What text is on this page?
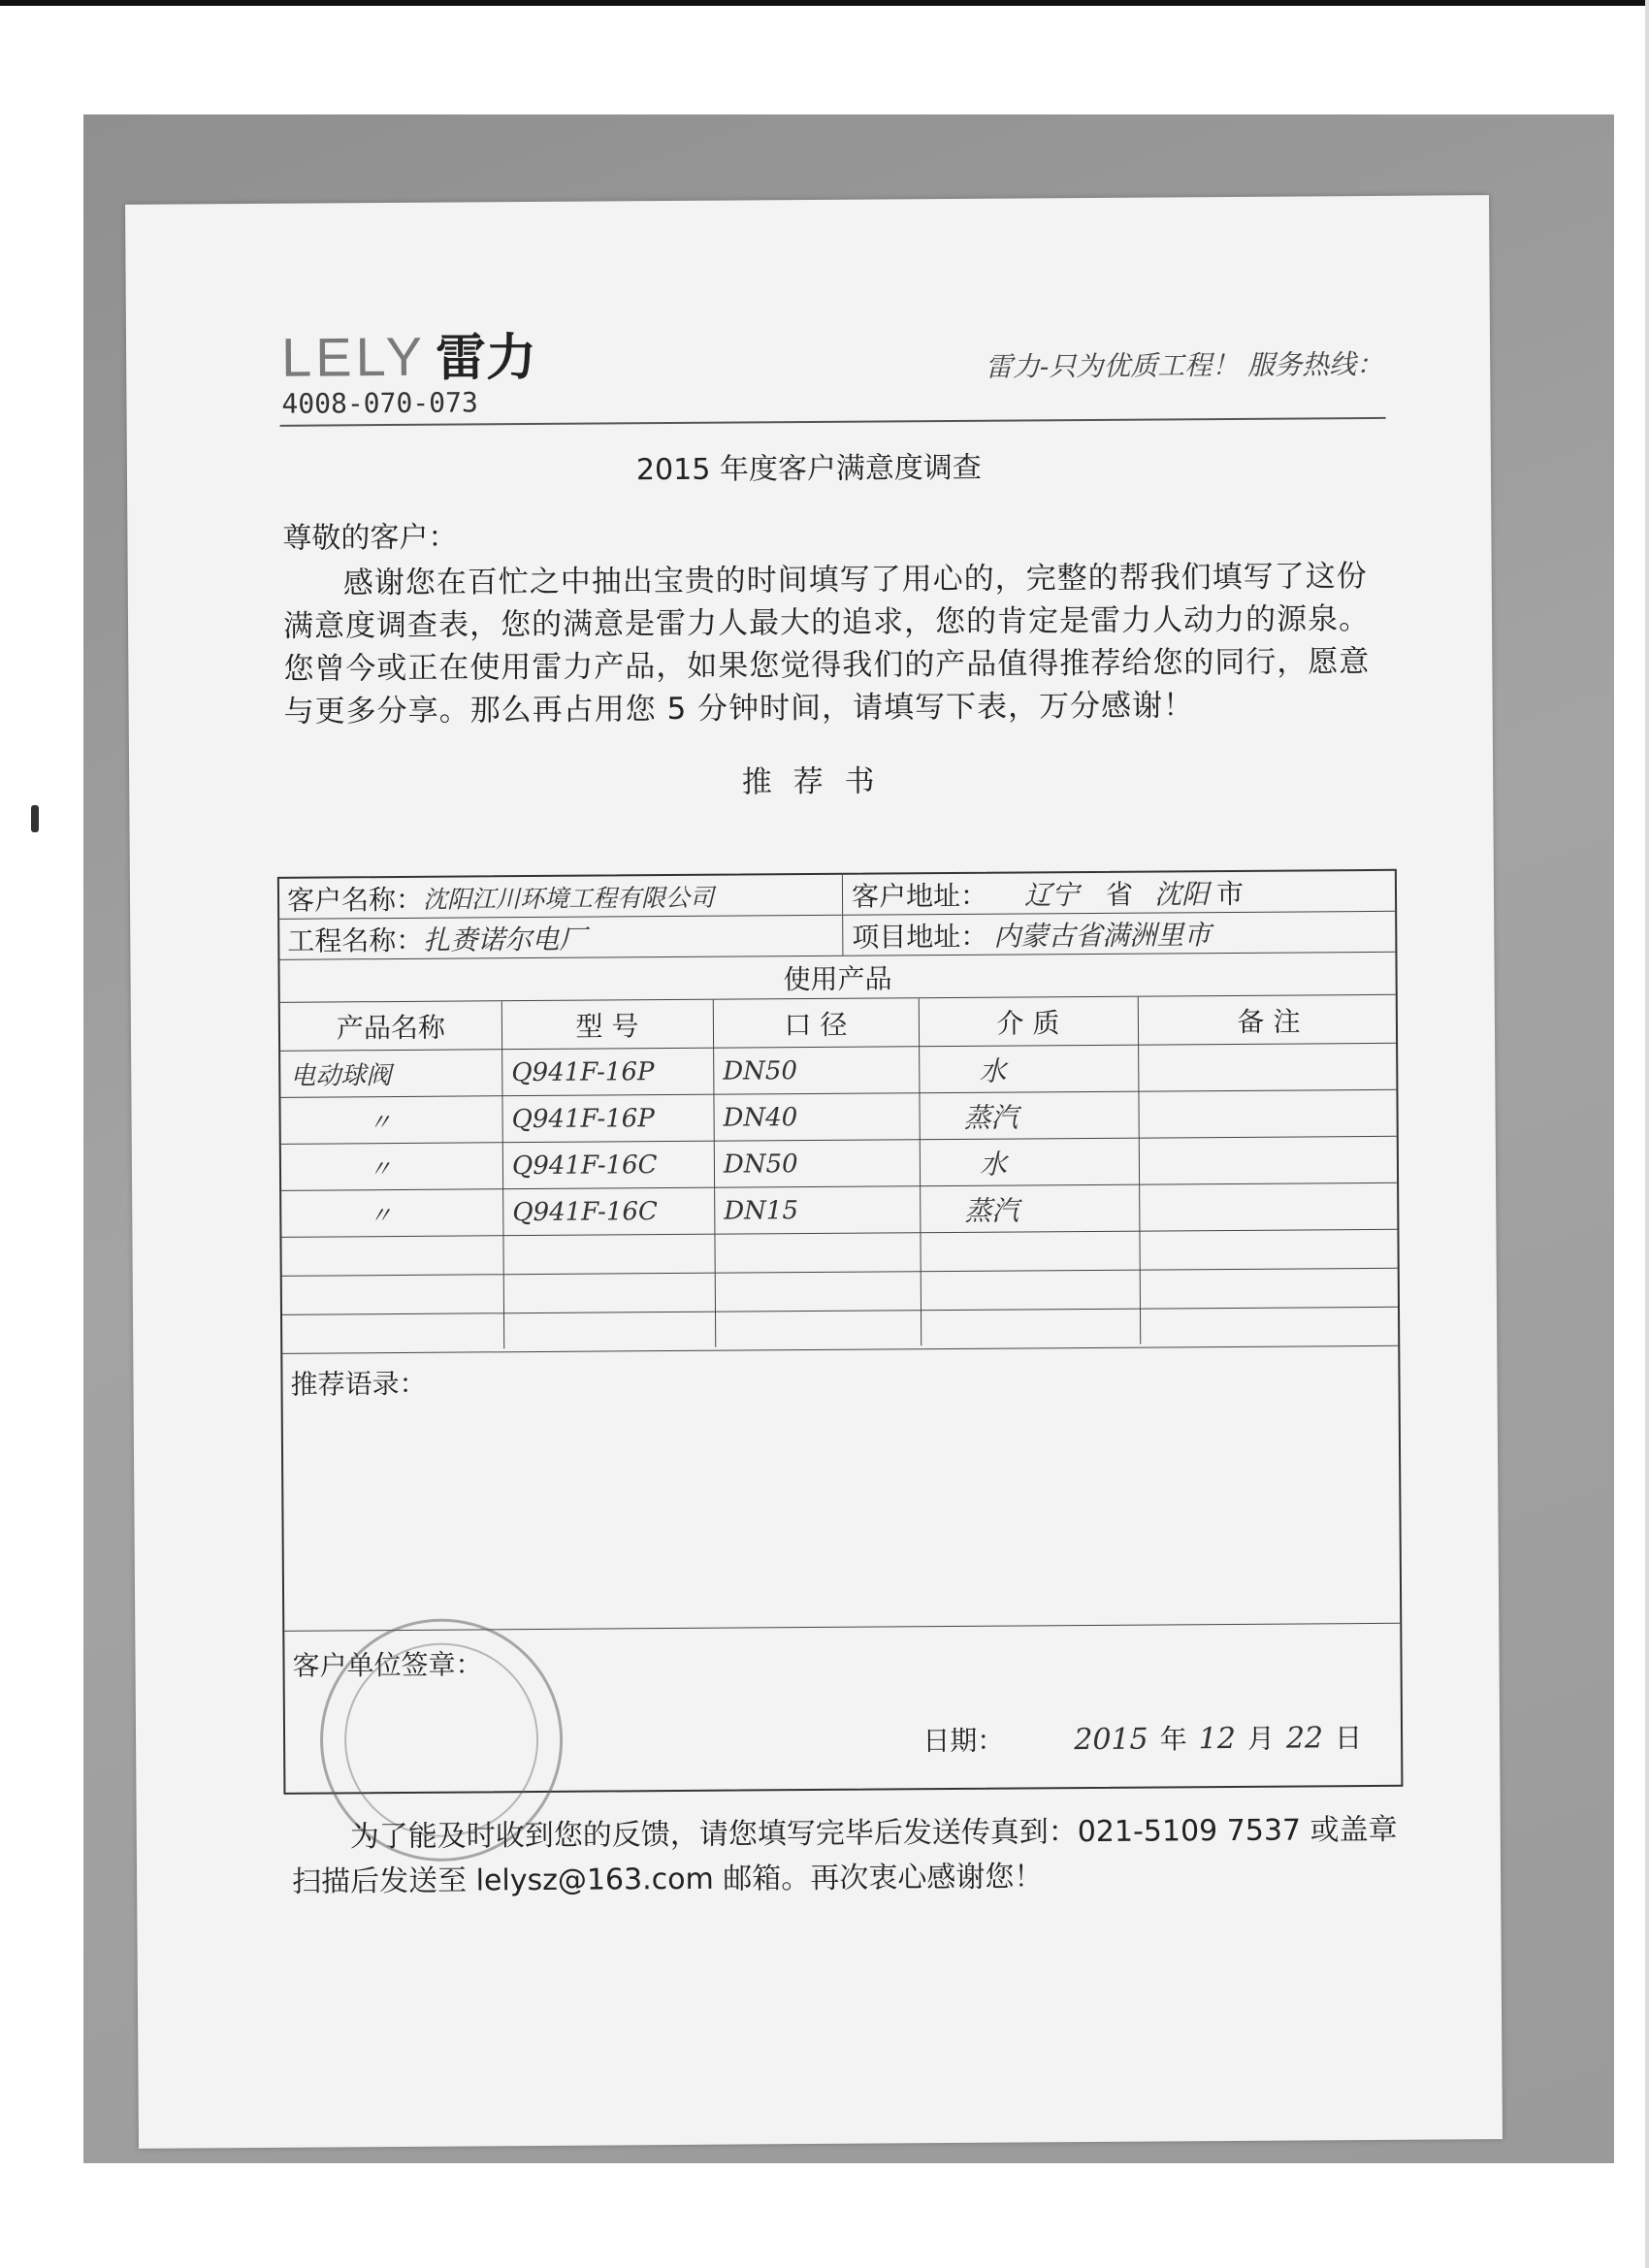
LELY 雷力
4008-070-073
雷力-只为优质工程！ 服务热线：
2015 年度客户满意度调查
尊敬的客户：
感谢您在百忙之中抽出宝贵的时间填写了用心的，完整的帮我们填写了这份满意度调查表，您的满意是雷力人最大的追求，您的肯定是雷力人动力的源泉。您曾今或正在使用雷力产品，如果您觉得我们的产品值得推荐给您的同行，愿意与更多分享。那么再占用您 5 分钟时间，请填写下表，万分感谢！
推 荐 书
客户名称： 沈阳江川环境工程有限公司	客户地址： 辽宁 省 沈阳 市
工程名称： 扎赉诺尔电厂	项目地址： 内蒙古省满洲里市
使用产品
产品名称	型 号	口 径	介 质	备 注
电动球阀	Q941F-16P	DN50	水
〃	Q941F-16P	DN40	蒸汽
〃	Q941F-16C	DN50	水
〃	Q941F-16C	DN15	蒸汽
推荐语录：
客户单位签章：
日期： 2015 年 12 月 22 日
为了能及时收到您的反馈，请您填写完毕后发送传真到：021-5109 7537 或盖章扫描后发送至 lelysz@163.com 邮箱。再次衷心感谢您！
